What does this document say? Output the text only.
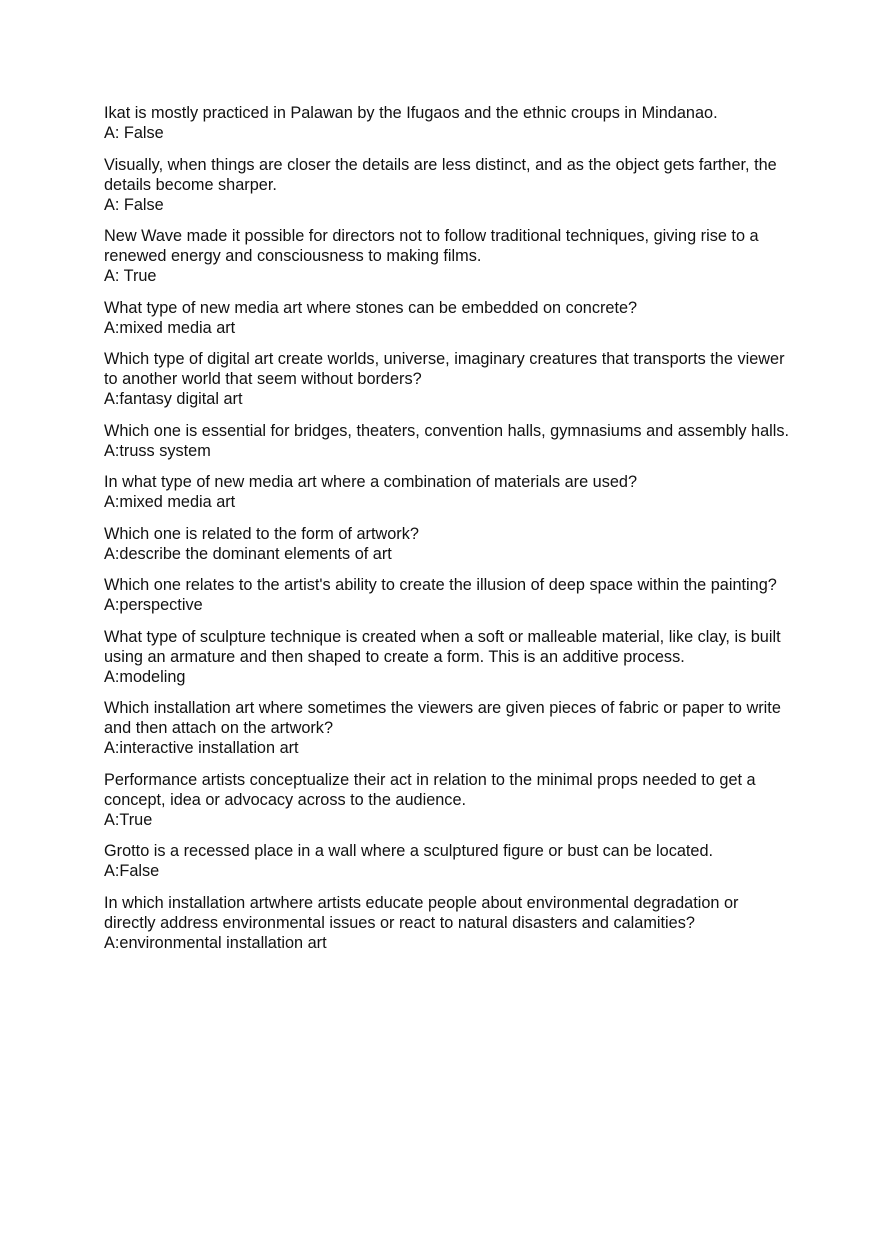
Ikat is mostly practiced in Palawan by the Ifugaos and the ethnic croups in Mindanao.
A: False
Visually, when things are closer the details are less distinct, and as the object gets farther, the details become sharper.
A: False
New Wave made it possible for directors not to follow traditional techniques, giving rise to a renewed energy and consciousness to making films.
A: True
What type of new media art where stones can be embedded on concrete?
A:mixed media art
Which type of digital art create worlds, universe, imaginary creatures that transports the viewer to another world that seem without borders?
A:fantasy digital art
Which one is essential for bridges, theaters, convention halls, gymnasiums and assembly halls.
A:truss system
In what type of new media art where a combination of materials are used?
A:mixed media art
Which one is related to the form of artwork?
A:describe the dominant elements of art
Which one relates to the artist's ability to create the illusion of deep space within the painting?
A:perspective
What type of sculpture technique is created when a soft or malleable material, like clay, is built using an armature and then shaped to create a form. This is an additive process.
A:modeling
Which installation art where sometimes the viewers are given pieces of fabric or paper to write and then attach on the artwork?
A:interactive installation art
Performance artists conceptualize their act in relation to the minimal props needed to get a concept, idea or advocacy across to the audience.
A:True
Grotto is a recessed place in a wall where a sculptured figure or bust can be located.
A:False
In which installation artwhere artists educate people about environmental degradation or directly address environmental issues or react to natural disasters and calamities?
A:environmental installation art
